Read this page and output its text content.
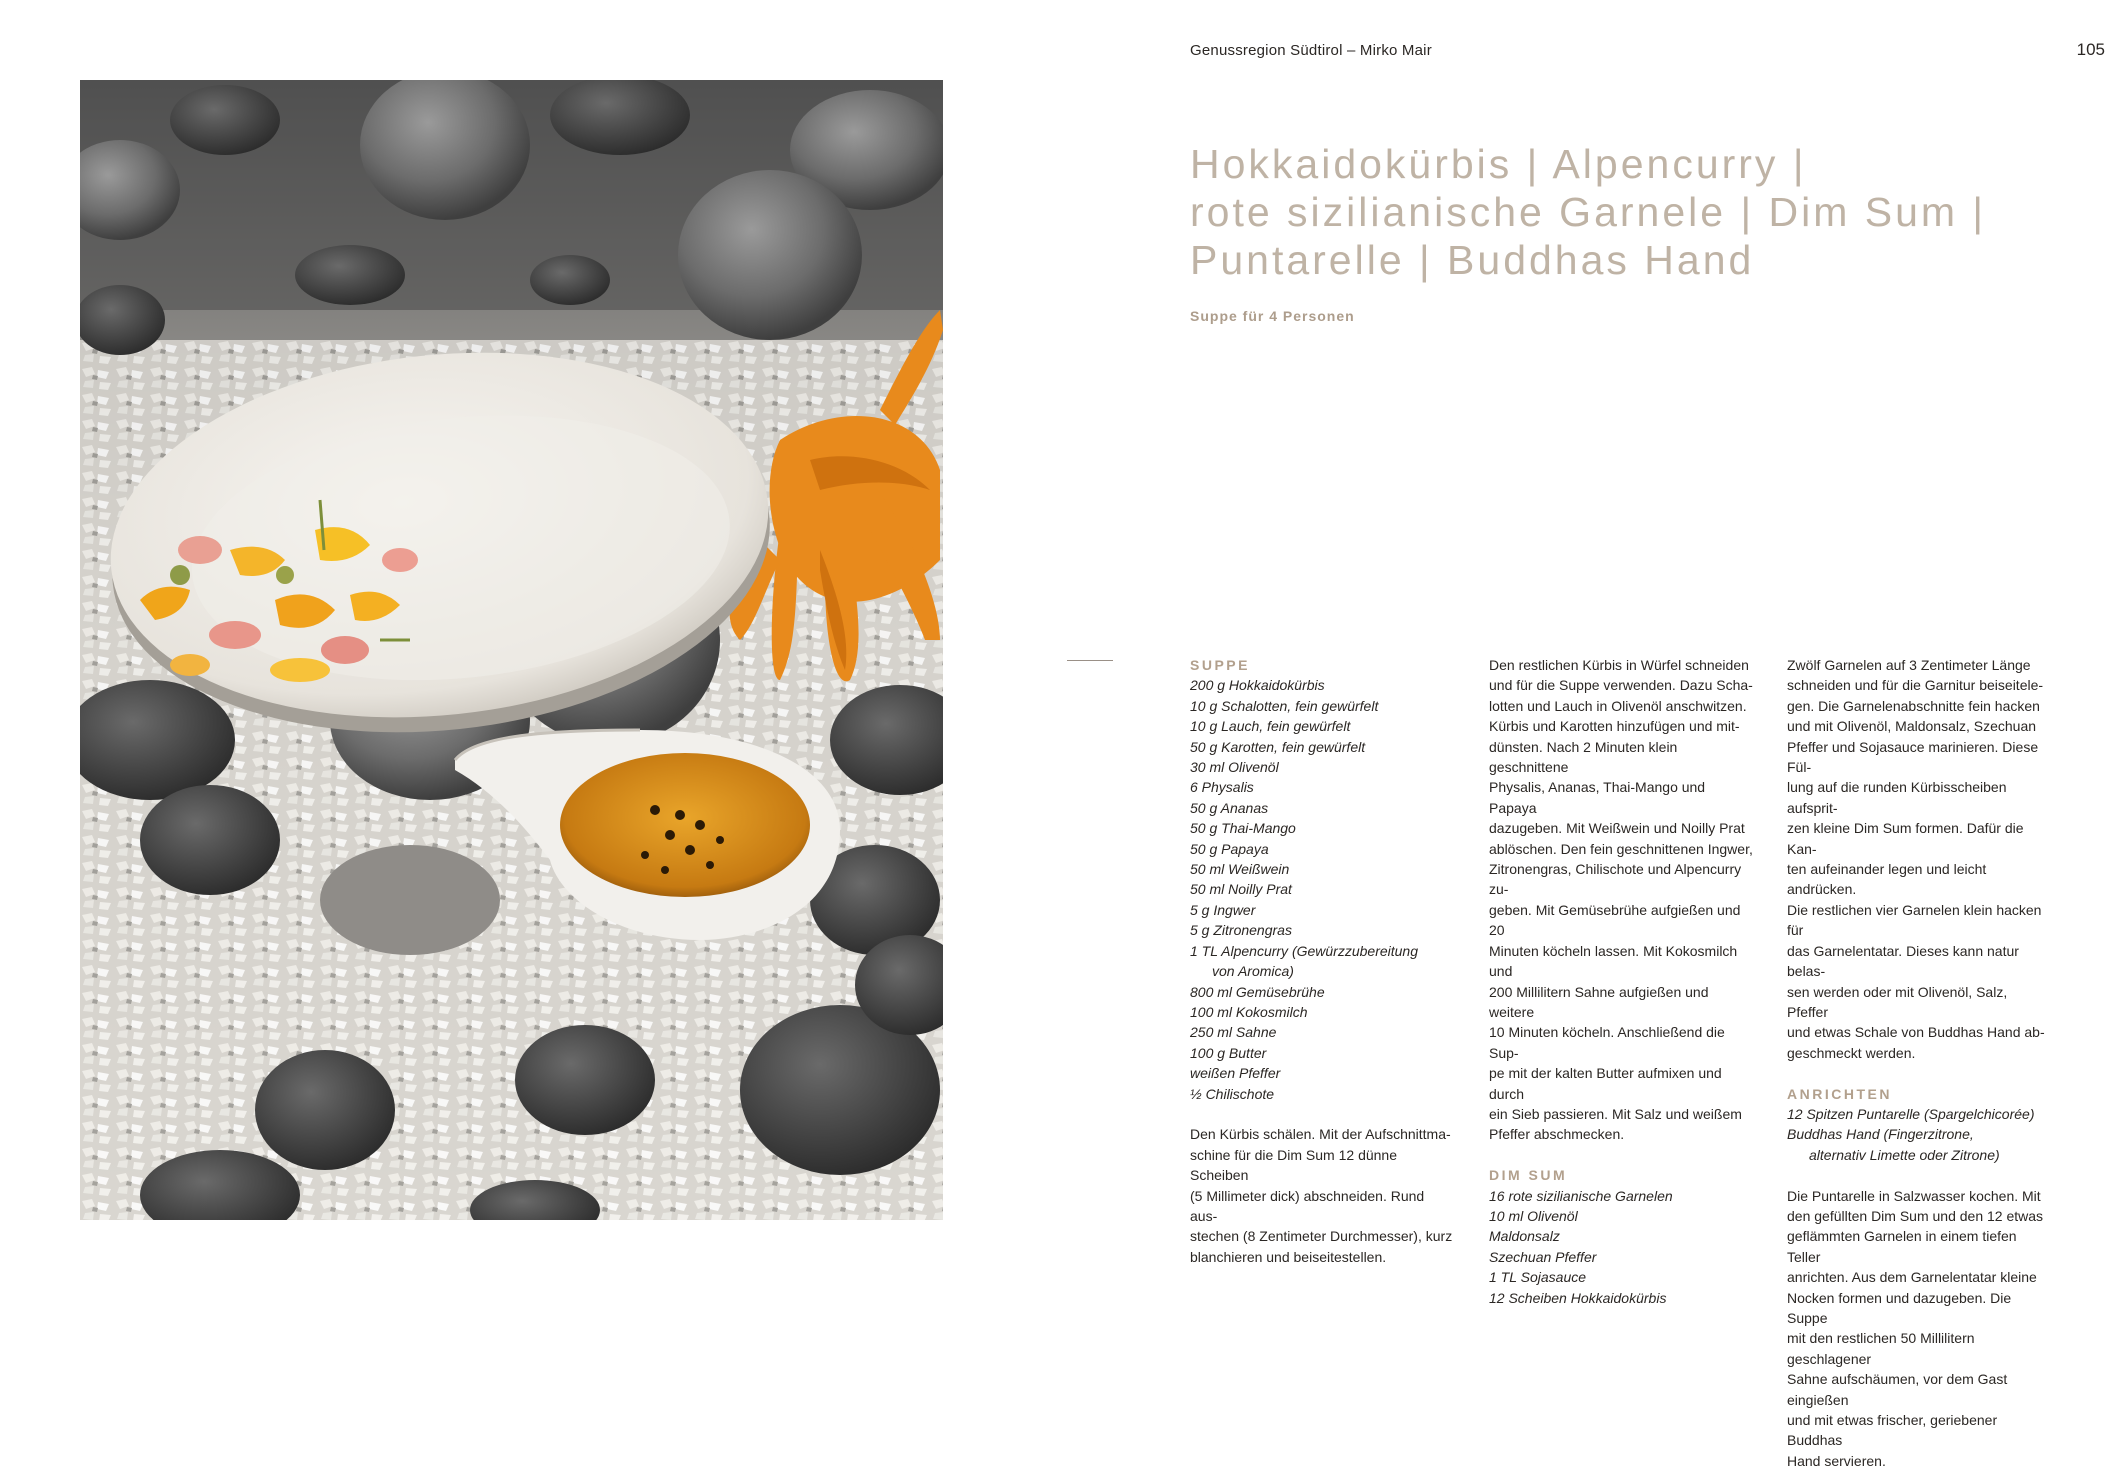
Genussregion Südtirol – Mirko Mair	105
Hokkaidokürbis | Alpencurry |
rote sizilianische Garnele | Dim Sum |
Puntarelle | Buddhas Hand
Suppe für 4 Personen

SUPPE

200 g Hokkaidokürbis
10 g Schalotten, fein gewürfelt
10 g Lauch, fein gewürfelt
50 g Karotten, fein gewürfelt
30 ml Olivenöl
6 Physalis
50 g Ananas
50 g Thai-Mango
50 g Papaya
50 ml Weißwein
50 ml Noilly Prat
5 g Ingwer
5 g Zitronengras
1 TL Alpencurry (Gewürzzubereitung
von Aromica)
800 ml Gemüsebrühe
100 ml Kokosmilch
250 ml Sahne
100 g Butter
weißen Pfeffer
½ Chilischote
Den Kürbis schälen. Mit der Aufschnittma-
schine für die Dim Sum 12 dünne Scheiben
(5 Millimeter dick) abschneiden. Rund aus-
stechen (8 Zentimeter Durchmesser), kurz
blanchieren und beiseitestellen.
Den restlichen Kürbis in Würfel schneiden
und für die Suppe verwenden. Dazu Scha-
lotten und Lauch in Olivenöl anschwitzen.
Kürbis und Karotten hinzufügen und mit-
dünsten. Nach 2 Minuten klein geschnittene
Physalis, Ananas, Thai-Mango und Papaya
dazugeben. Mit Weißwein und Noilly Prat
ablöschen. Den fein geschnittenen Ingwer,
Zitronengras, Chilischote und Alpencurry zu-
geben. Mit Gemüsebrühe aufgießen und 20
Minuten köcheln lassen. Mit Kokosmilch und
200 Millilitern Sahne aufgießen und weitere
10 Minuten köcheln. Anschließend die Sup-
pe mit der kalten Butter aufmixen und durch
ein Sieb passieren. Mit Salz und weißem
Pfeffer abschmecken.

DIM SUM

16 rote sizilianische Garnelen
10 ml Olivenöl
Maldonsalz
Szechuan Pfeffer
1 TL Sojasauce
12 Scheiben Hokkaidokürbis
Zwölf Garnelen auf 3 Zentimeter Länge
schneiden und für die Garnitur beiseitele-
gen. Die Garnelenabschnitte fein hacken
und mit Olivenöl, Maldonsalz, Szechuan
Pfeffer und Sojasauce marinieren. Diese Fül-
lung auf die runden Kürbisscheiben aufsprit-
zen kleine Dim Sum formen. Dafür die Kan-
ten aufeinander legen und leicht andrücken.
Die restlichen vier Garnelen klein hacken für
das Garnelentatar. Dieses kann natur belas-
sen werden oder mit Olivenöl, Salz, Pfeffer
und etwas Schale von Buddhas Hand ab-
geschmeckt werden.

ANRICHTEN

12 Spitzen Puntarelle (Spargelchicorée)
Buddhas Hand (Fingerzitrone,
alternativ Limette oder Zitrone)
Die Puntarelle in Salzwasser kochen. Mit
den gefüllten Dim Sum und den 12 etwas
geflämmten Garnelen in einem tiefen Teller
anrichten. Aus dem Garnelentatar kleine
Nocken formen und dazugeben. Die Suppe
mit den restlichen 50 Millilitern geschlagener
Sahne aufschäumen, vor dem Gast eingießen
und mit etwas frischer, geriebener Buddhas
Hand servieren.
